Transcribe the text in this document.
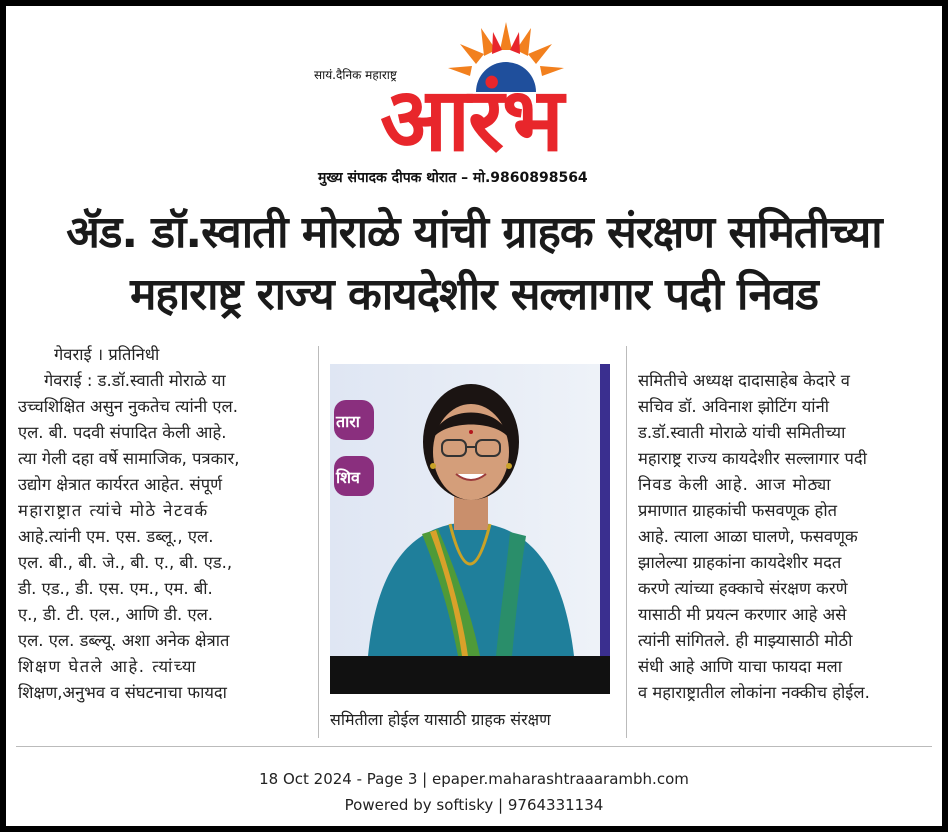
सायं.दैनिक महाराष्ट्र
आरंभ
मुख्य संपादक दीपक थोरात – मो.9860898564
ॲड. डॉ.स्वाती मोराळे यांची ग्राहक संरक्षण समितीच्या
महाराष्ट्र राज्य कायदेशीर सल्लागार पदी निवड
गेवराई । प्रतिनिधी
गेवराई : ड.डॉ.स्वाती मोराळे या
उच्चशिक्षित असुन नुकतेच त्यांनी एल.
एल. बी. पदवी संपादित केली आहे.
त्या गेली दहा वर्षे सामाजिक, पत्रकार,
उद्योग क्षेत्रात कार्यरत आहेत. संपूर्ण
महाराष्ट्रात त्यांचे मोठे नेटवर्क
आहे.त्यांनी एम. एस. डब्लू., एल.
एल. बी., बी. जे., बी. ए., बी. एड.,
डी. एड., डी. एस. एम., एम. बी.
ए., डी. टी. एल., आणि डी. एल.
एल. एल. डब्ल्यू. अशा अनेक क्षेत्रात
शिक्षण घेतले आहे. त्यांच्या
शिक्षण,अनुभव व संघटनाचा फायदा
तारा
शिव
समितीला होईल यासाठी ग्राहक संरक्षण
समितीचे अध्यक्ष दादासाहेब केदारे व
सचिव डॉ. अविनाश झोटिंग यांनी
ड.डॉ.स्वाती मोराळे यांची समितीच्या
महाराष्ट्र राज्य कायदेशीर सल्लागार पदी
निवड केली आहे. आज मोठ्या
प्रमाणात ग्राहकांची फसवणूक होत
आहे. त्याला आळा घालणे, फसवणूक
झालेल्या ग्राहकांना कायदेशीर मदत
करणे त्यांच्या हक्काचे संरक्षण करणे
यासाठी मी प्रयत्न करणार आहे असे
त्यांनी सांगितले. ही माझ्यासाठी मोठी
संधी आहे आणि याचा फायदा मला
व महाराष्ट्रातील लोकांना नक्कीच होईल.
18 Oct 2024 - Page 3 | epaper.maharashtraaarambh.com
Powered by softisky | 9764331134
